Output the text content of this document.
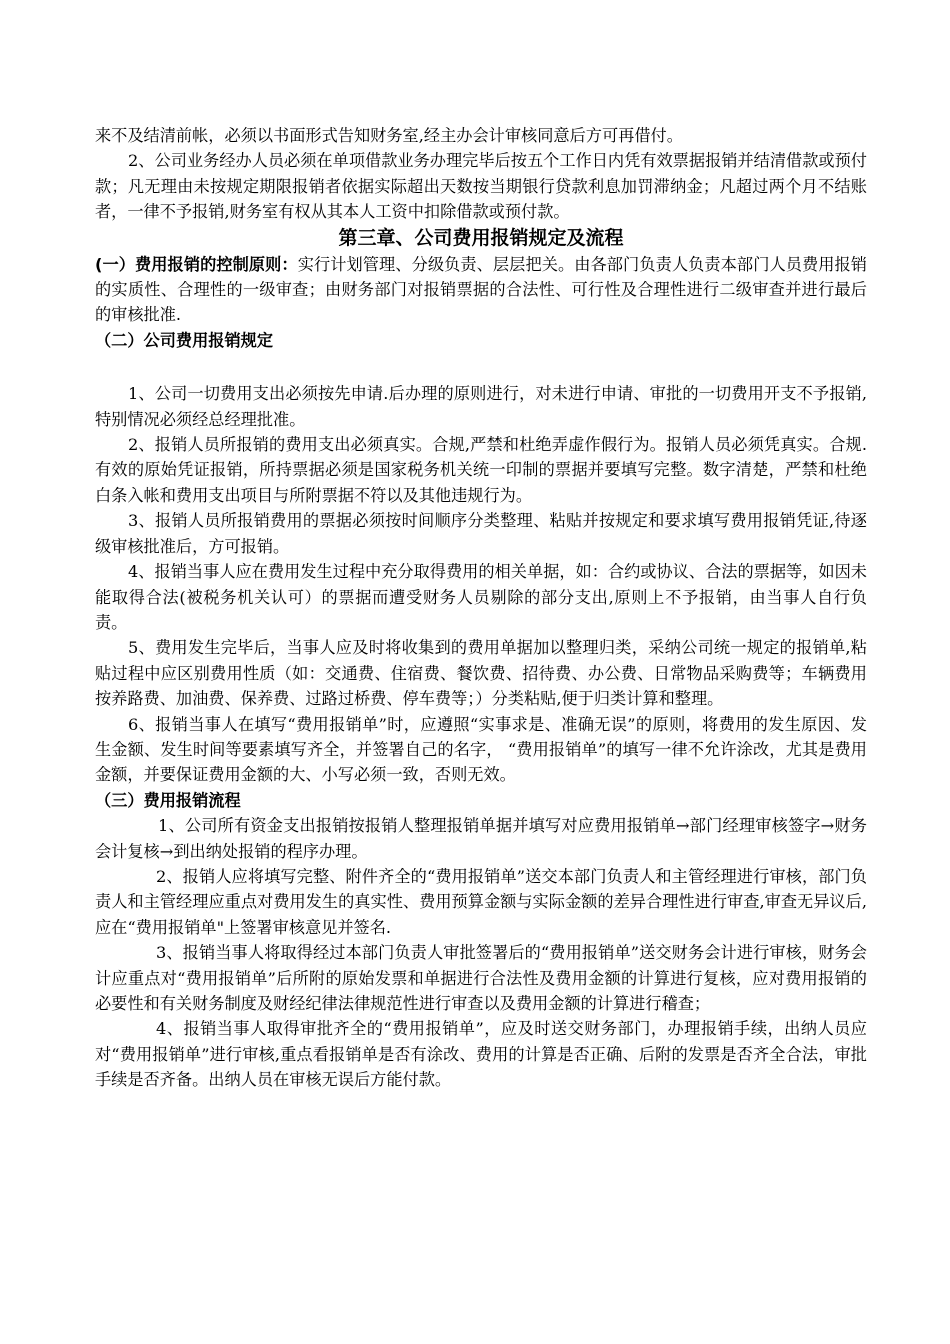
来不及结清前帐，必须以书面形式告知财务室,经主办会计审核同意后方可再借付。

2、公司业务经办人员必须在单项借款业务办理完毕后按五个工作日内凭有效票据报销并结清借款或预付款；凡无理由未按规定期限报销者依据实际超出天数按当期银行贷款利息加罚滞纳金；凡超过两个月不结账者，一律不予报销,财务室有权从其本人工资中扣除借款或预付款。

第三章、公司费用报销规定及流程

(一）费用报销的控制原则：实行计划管理、分级负责、层层把关。由各部门负责人负责本部门人员费用报销的实质性、合理性的一级审查；由财务部门对报销票据的合法性、可行性及合理性进行二级审查并进行最后的审核批准.

（二）公司费用报销规定

1、公司一切费用支出必须按先申请.后办理的原则进行，对未进行申请、审批的一切费用开支不予报销,特别情况必须经总经理批准。

2、报销人员所报销的费用支出必须真实。合规,严禁和杜绝弄虚作假行为。报销人员必须凭真实。合规.有效的原始凭证报销，所持票据必须是国家税务机关统一印制的票据并要填写完整。数字清楚，严禁和杜绝白条入帐和费用支出项目与所附票据不符以及其他违规行为。

3、报销人员所报销费用的票据必须按时间顺序分类整理、粘贴并按规定和要求填写费用报销凭证,待逐级审核批准后，方可报销。

4、报销当事人应在费用发生过程中充分取得费用的相关单据，如：合约或协议、合法的票据等，如因未能取得合法(被税务机关认可）的票据而遭受财务人员剔除的部分支出,原则上不予报销，由当事人自行负责。

5、费用发生完毕后，当事人应及时将收集到的费用单据加以整理归类，采纳公司统一规定的报销单,粘贴过程中应区别费用性质（如：交通费、住宿费、餐饮费、招待费、办公费、日常物品采购费等；车辆费用按养路费、加油费、保养费、过路过桥费、停车费等；）分类粘贴,便于归类计算和整理。

6、报销当事人在填写“费用报销单”时，应遵照“实事求是、准确无误”的原则，将费用的发生原因、发生金额、发生时间等要素填写齐全，并签署自己的名字， “费用报销单”的填写一律不允许涂改，尤其是费用金额，并要保证费用金额的大、小写必须一致，否则无效。

（三）费用报销流程

1、公司所有资金支出报销按报销人整理报销单据并填写对应费用报销单→部门经理审核签字→财务会计复核→到出纳处报销的程序办理。

2、报销人应将填写完整、附件齐全的“费用报销单”送交本部门负责人和主管经理进行审核，部门负责人和主管经理应重点对费用发生的真实性、费用预算金额与实际金额的差异合理性进行审查,审查无异议后,应在“费用报销单"上签署审核意见并签名.

3、报销当事人将取得经过本部门负责人审批签署后的“费用报销单”送交财务会计进行审核，财务会计应重点对“费用报销单”后所附的原始发票和单据进行合法性及费用金额的计算进行复核，应对费用报销的必要性和有关财务制度及财经纪律法律规范性进行审查以及费用金额的计算进行稽查；

4、报销当事人取得审批齐全的“费用报销单”，应及时送交财务部门，办理报销手续，出纳人员应对“费用报销单”进行审核,重点看报销单是否有涂改、费用的计算是否正确、后附的发票是否齐全合法，审批手续是否齐备。出纳人员在审核无误后方能付款。
